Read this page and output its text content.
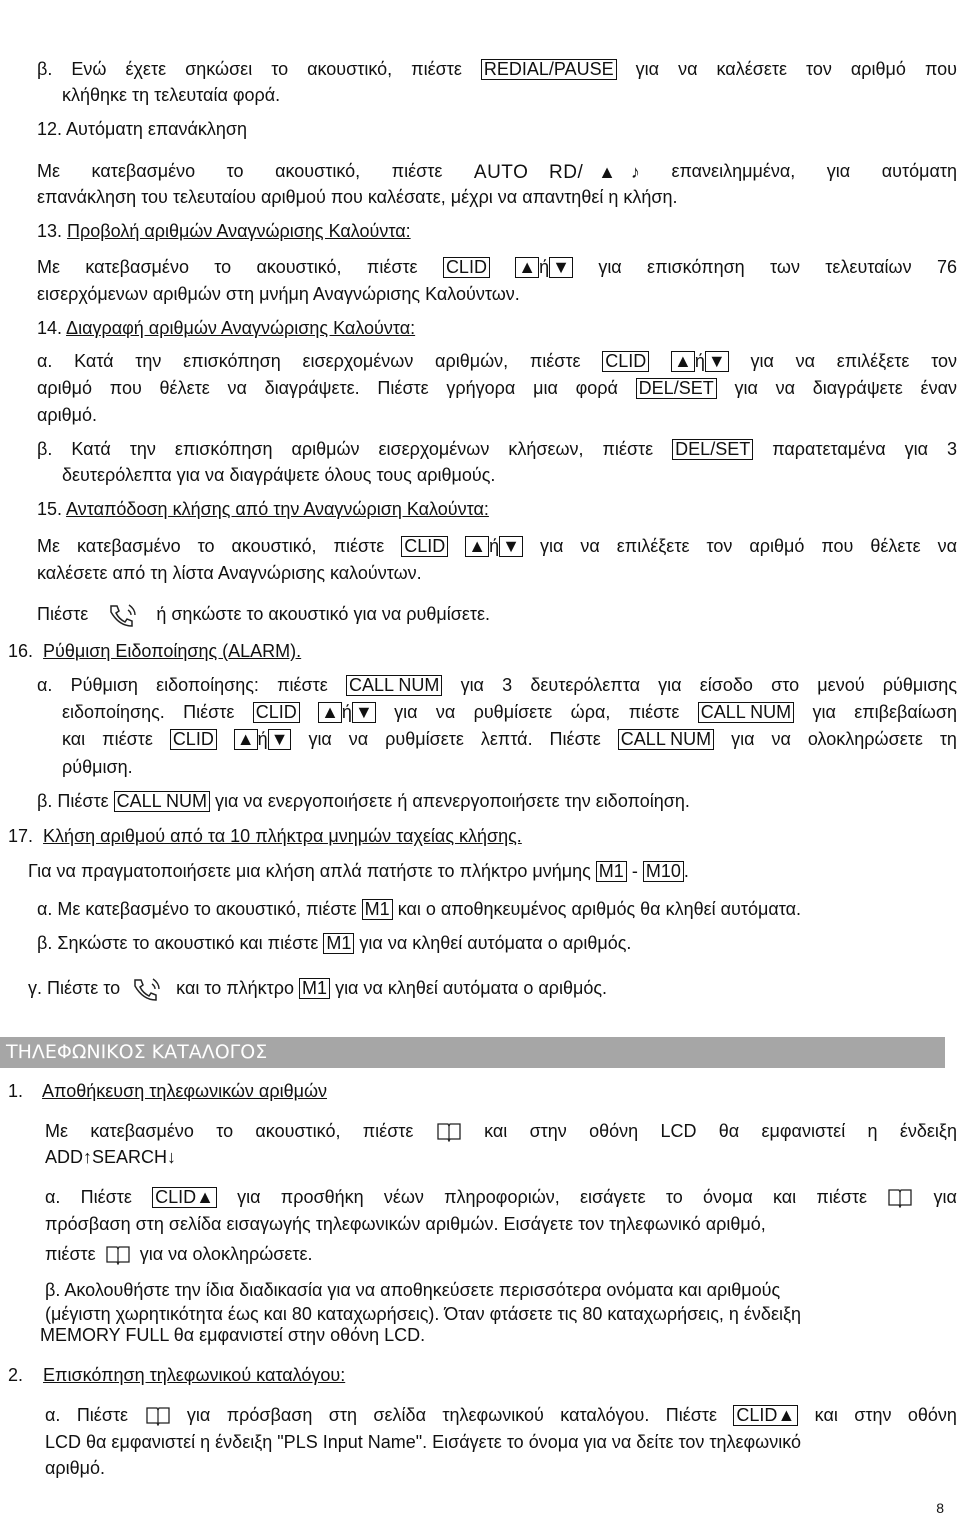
β. Ενώ έχετε σηκώσει το ακουστικό, πιέστε REDIAL/PAUSE για να καλέσετε τον αριθμό που
κλήθηκε τη τελευταία φορά.
12. Αυτόματη επανάκληση
Με κατεβασμένο το ακουστικό, πιέστε AUTO RD/▲♪ επανειλημμένα, για αυτόματη
επανάκληση του τελευταίου αριθμού που καλέσατε, μέχρι να απαντηθεί η κλήση.
13. Προβολή αριθμών Αναγνώρισης Καλούντα:
Με κατεβασμένο το ακουστικό, πιέστε CLID ▲ ή ▼ για επισκόπηση των τελευταίων 76
εισερχόμενων αριθμών στη μνήμη Αναγνώρισης Καλούντων.
14. Διαγραφή αριθμών Αναγνώρισης Καλούντα:
α. Κατά την επισκόπηση εισερχομένων αριθμών, πιέστε CLID ▲ ή ▼ για να επιλέξετε τον
αριθμό που θέλετε να διαγράψετε. Πιέστε γρήγορα μια φορά DEL/SET για να διαγράψετε έναν
αριθμό.
β. Κατά την επισκόπηση αριθμών εισερχομένων κλήσεων, πιέστε DEL/SET παρατεταμένα για 3
δευτερόλεπτα για να διαγράψετε όλους τους αριθμούς.
15. Ανταπόδοση κλήσης από την Αναγνώριση Καλούντα:
Με κατεβασμένο το ακουστικό, πιέστε CLID ▲ ή ▼ για να επιλέξετε τον αριθμό που θέλετε να
καλέσετε από τη λίστα Αναγνώρισης καλούντων.
Πιέστε	ή σηκώστε το ακουστικό για να ρυθμίσετε.
16. Ρύθμιση Ειδοποίησης (ALARM).
α. Ρύθμιση ειδοποίησης: πιέστε CALL NUM για 3 δευτερόλεπτα για είσοδο στο μενού ρύθμισης
ειδοποίησης. Πιέστε CLID ▲ ή ▼ για να ρυθμίσετε ώρα, πιέστε CALL NUM για επιβεβαίωση
και πιέστε CLID ▲ ή ▼ για να ρυθμίσετε λεπτά. Πιέστε CALL NUM για να ολοκληρώσετε τη
ρύθμιση.
β. Πιέστε CALL NUM για να ενεργοποιήσετε ή απενεργοποιήσετε την ειδοποίηση.
17. Κλήση αριθμού από τα 10 πλήκτρα μνημών ταχείας κλήσης.
Για να πραγματοποιήσετε μια κλήση απλά πατήστε το πλήκτρο μνήμης M1 - M10 .
α. Με κατεβασμένο το ακουστικό, πιέστε M1 και ο αποθηκευμένος αριθμός θα κληθεί αυτόματα.
β. Σηκώστε το ακουστικό και πιέστε M1 για να κληθεί αυτόματα ο αριθμός.
γ. Πιέστε το	και το πλήκτρο M1 για να κληθεί αυτόματα ο αριθμός.
ΤΗΛΕΦΩΝΙΚΟΣ ΚΑΤΑΛΟΓΟΣ
1. Αποθήκευση τηλεφωνικών αριθμών
Με κατεβασμένο το ακουστικό, πιέστε	και στην οθόνη LCD θα εμφανιστεί η ένδειξη
ADD↑SEARCH↓
α. Πιέστε CLID▲ για προσθήκη νέων πληροφοριών, εισάγετε το όνομα και πιέστε	για
πρόσβαση στη σελίδα εισαγωγής τηλεφωνικών αριθμών. Εισάγετε τον τηλεφωνικό αριθμό,
πιέστε για να ολοκληρώσετε.
β. Ακολουθήστε την ίδια διαδικασία για να αποθηκεύσετε περισσότερα ονόματα και αριθμούς
(μέγιστη χωρητικότητα έως και 80 καταχωρήσεις). Όταν φτάσετε τις 80 καταχωρήσεις, η ένδειξη
MEMORY FULL θα εμφανιστεί στην οθόνη LCD.
2. Επισκόπηση τηλεφωνικού καταλόγου:
α. Πιέστε	για πρόσβαση στη σελίδα τηλεφωνικού καταλόγου. Πιέστε CLID▲ και στην οθόνη
LCD θα εμφανιστεί η ένδειξη "PLS Input Name". Εισάγετε το όνομα για να δείτε τον τηλεφωνικό
αριθμό.
8
